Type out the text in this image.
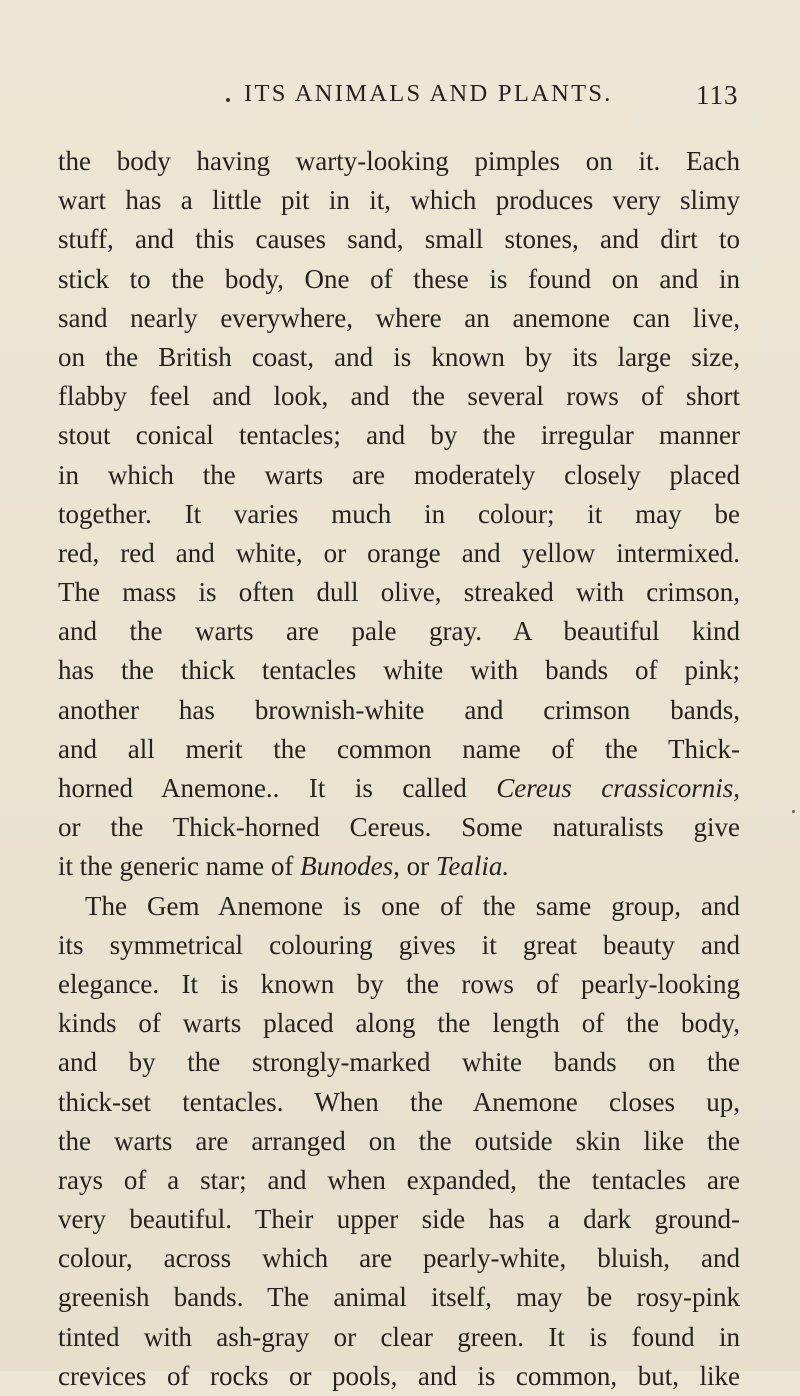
ITS ANIMALS AND PLANTS.	113
the body having warty-looking pimples on it. Each
wart has a little pit in it, which produces very slimy
stuff, and this causes sand, small stones, and dirt to
stick to the body, One of these is found on and in
sand nearly everywhere, where an anemone can live,
on the British coast, and is known by its large size,
flabby feel and look, and the several rows of short
stout conical tentacles; and by the irregular manner
in which the warts are moderately closely placed
together. It varies much in colour; it may be
red, red and white, or orange and yellow intermixed.
The mass is often dull olive, streaked with crimson,
and the warts are pale gray. A beautiful kind
has the thick tentacles white with bands of pink;
another has brownish-white and crimson bands,
and all merit the common name of the Thick-
horned Anemone.. It is called Cereus crassicornis,
or the Thick-horned Cereus. Some naturalists give
it the generic name of Bunodes, or Tealia.
The Gem Anemone is one of the same group, and
its symmetrical colouring gives it great beauty and
elegance. It is known by the rows of pearly-looking
kinds of warts placed along the length of the body,
and by the strongly-marked white bands on the
thick-set tentacles. When the Anemone closes up,
the warts are arranged on the outside skin like the
rays of a star; and when expanded, the tentacles are
very beautiful. Their upper side has a dark ground-
colour, across which are pearly-white, bluish, and
greenish bands. The animal itself, may be rosy-pink
tinted with ash-gray or clear green. It is found in
crevices of rocks or pools, and is common, but, like
